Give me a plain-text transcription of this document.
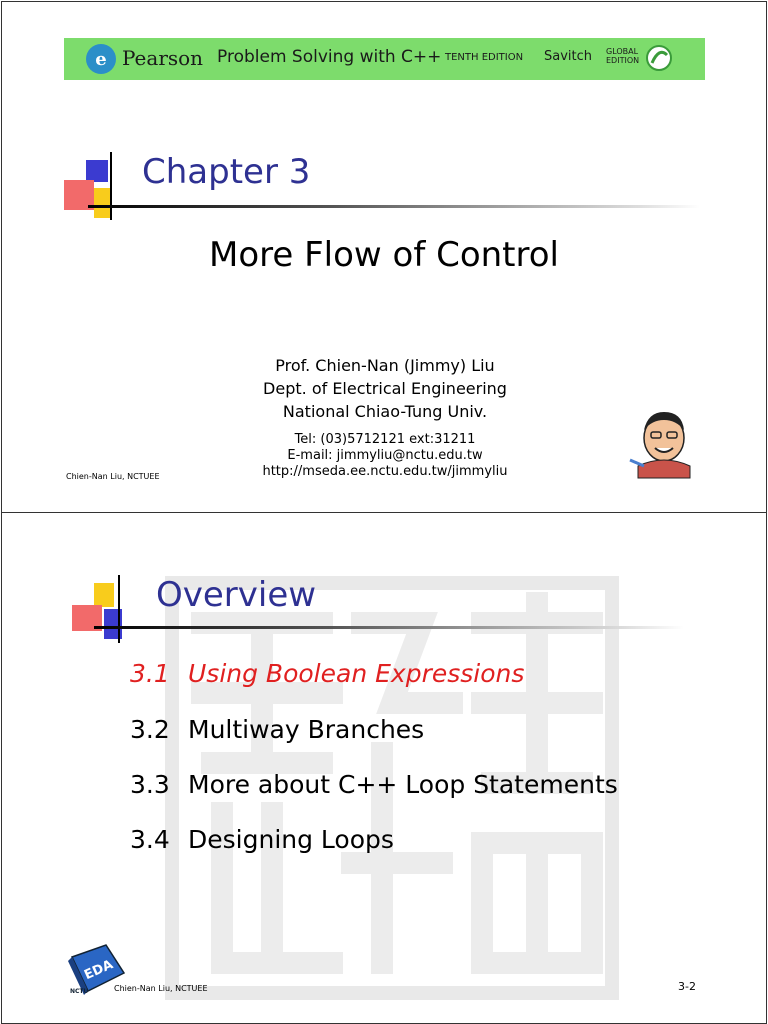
e Pearson Problem Solving with C++ TENTH EDITION Savitch GLOBAL
EDITION
Chapter 3
More Flow of Control
Prof. Chien-Nan (Jimmy) Liu
Dept. of Electrical Engineering
National Chiao-Tung Univ.
Tel: (03)5712121 ext:31211
E-mail: jimmyliu@nctu.edu.tw
http://mseda.ee.nctu.edu.tw/jimmyliu
Chien-Nan Liu, NCTUEE
Overview
3.1 Using Boolean Expressions
3.2 Multiway Branches
3.3 More about C++ Loop Statements
3.4 Designing Loops
EDA
NCTU	Chien-Nan Liu, NCTUEE	3-2
